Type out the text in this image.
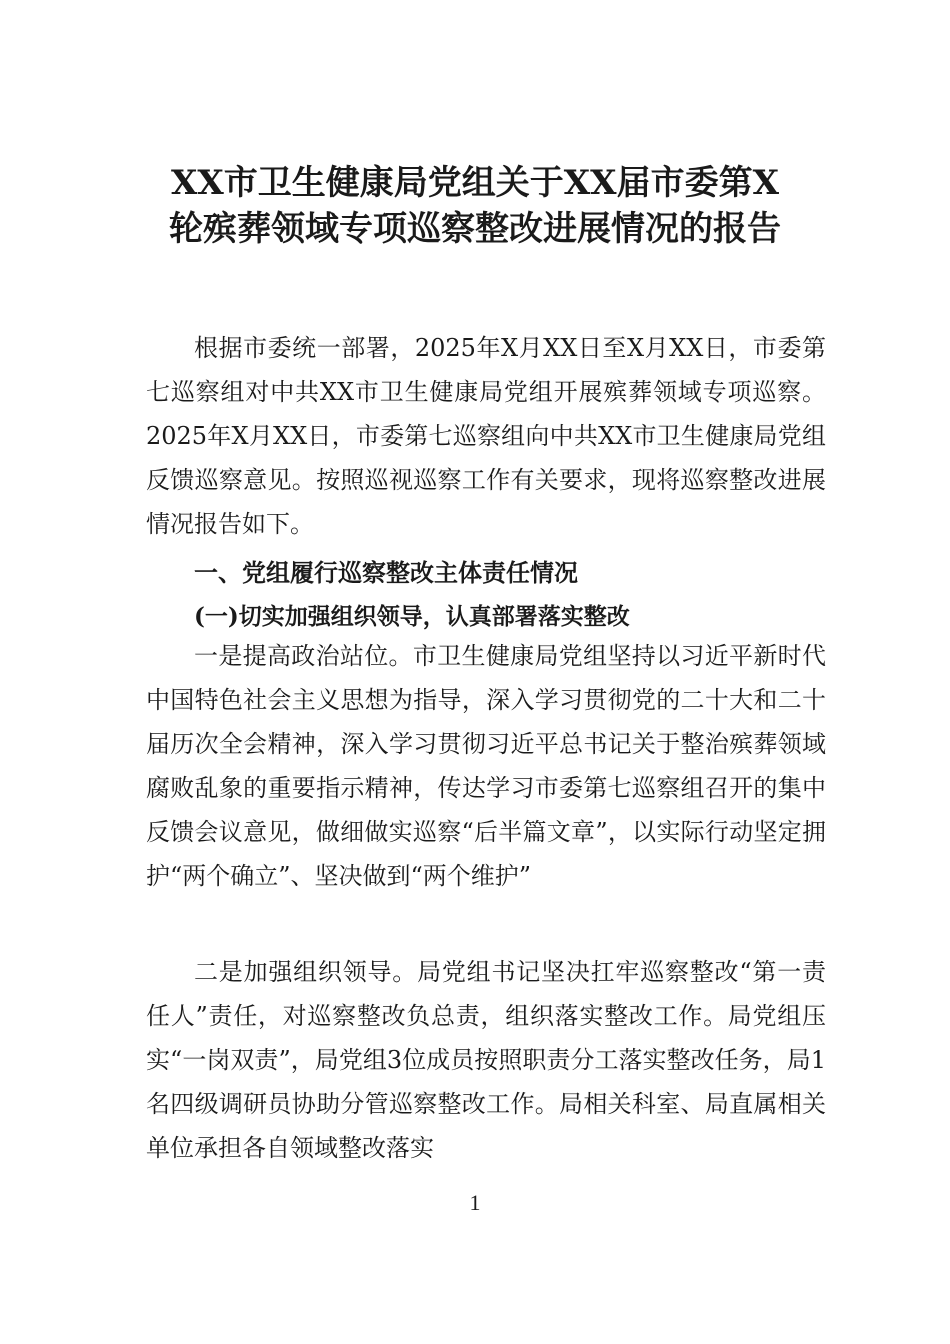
XX市卫生健康局党组关于XX届市委第X
轮殡葬领域专项巡察整改进展情况的报告

根据市委统一部署，2025年X月XX日至X月XX日，市委第七巡察组对中共XX市卫生健康局党组开展殡葬领域专项巡察。2025年X月XX日，市委第七巡察组向中共XX市卫生健康局党组反馈巡察意见。按照巡视巡察工作有关要求，现将巡察整改进展情况报告如下。

一、党组履行巡察整改主体责任情况
(一)切实加强组织领导，认真部署落实整改

一是提高政治站位。市卫生健康局党组坚持以习近平新时代中国特色社会主义思想为指导，深入学习贯彻党的二十大和二十届历次全会精神，深入学习贯彻习近平总书记关于整治殡葬领域腐败乱象的重要指示精神，传达学习市委第七巡察组召开的集中反馈会议意见，做细做实巡察“后半篇文章”，以实际行动坚定拥护“两个确立”、坚决做到“两个维护”

二是加强组织领导。局党组书记坚决扛牢巡察整改“第一责任人”责任，对巡察整改负总责，组织落实整改工作。局党组压实“一岗双责”，局党组3位成员按照职责分工落实整改任务，局1名四级调研员协助分管巡察整改工作。局相关科室、局直属相关单位承担各自领域整改落实

1
